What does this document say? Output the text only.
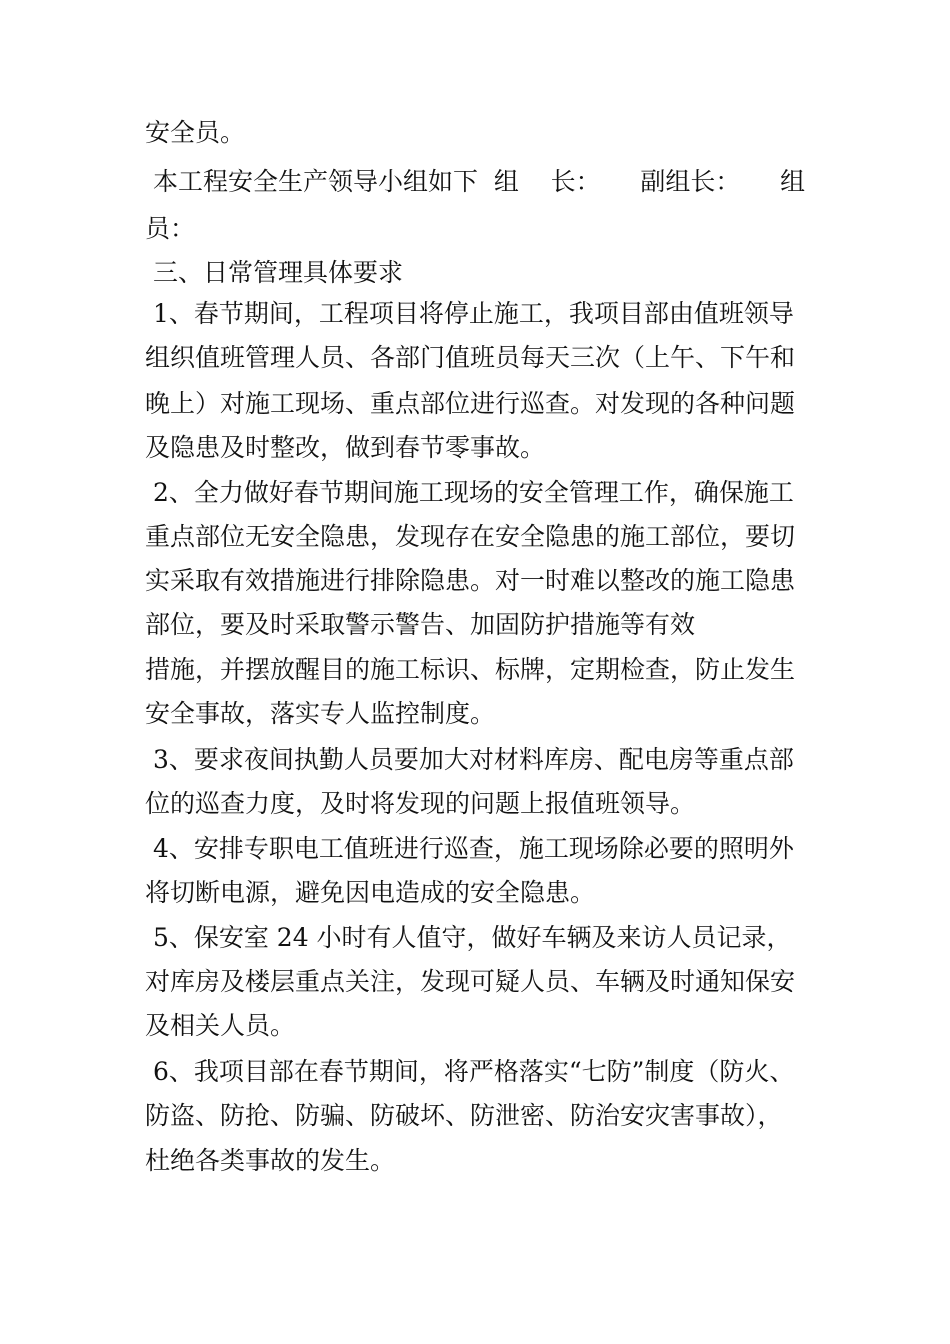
安全员。
本工程安全生产领导小组如下  组    长：     副组长：     组
员：
三、日常管理具体要求
1、春节期间，工程项目将停止施工，我项目部由值班领导
组织值班管理人员、各部门值班员每天三次（上午、下午和
晚上）对施工现场、重点部位进行巡查。对发现的各种问题
及隐患及时整改，做到春节零事故。
2、全力做好春节期间施工现场的安全管理工作，确保施工
重点部位无安全隐患，发现存在安全隐患的施工部位，要切
实采取有效措施进行排除隐患。对一时难以整改的施工隐患
部位，要及时采取警示警告、加固防护措施等有效
措施，并摆放醒目的施工标识、标牌，定期检查，防止发生
安全事故，落实专人监控制度。
3、要求夜间执勤人员要加大对材料库房、配电房等重点部
位的巡查力度，及时将发现的问题上报值班领导。
4、安排专职电工值班进行巡查，施工现场除必要的照明外
将切断电源，避免因电造成的安全隐患。
5、保安室 24 小时有人值守，做好车辆及来访人员记录，
对库房及楼层重点关注，发现可疑人员、车辆及时通知保安
及相关人员。
6、我项目部在春节期间，将严格落实“七防”制度（防火、
防盗、防抢、防骗、防破坏、防泄密、防治安灾害事故），
杜绝各类事故的发生。
